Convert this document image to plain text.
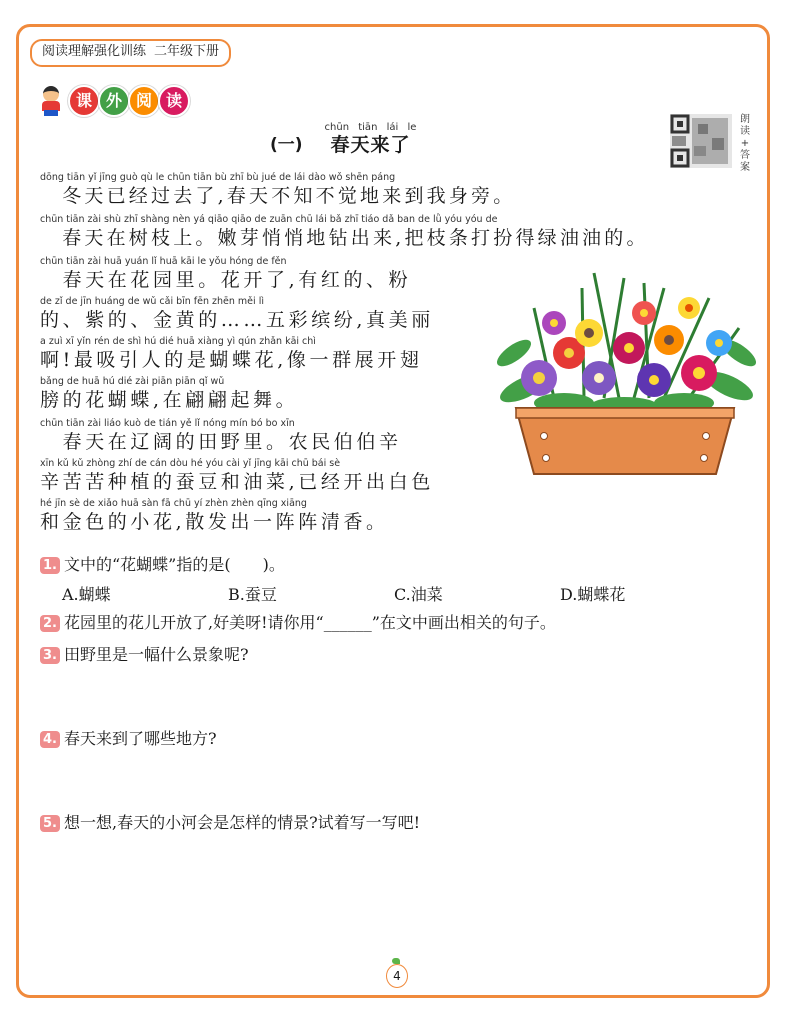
阅读理解强化训练 二年级下册
课 外 阅 读
朗
读
+
答
案
(一)
chūn tiān lái le
春天来了
dōng tiān yǐ jīng guò qù le chūn tiān bù zhī bù jué de lái dào wǒ shēn páng
　冬天已经过去了,春天不知不觉地来到我身旁。
chūn tiān zài shù zhī shàng nèn yá qiāo qiāo de zuān chū lái bǎ zhī tiáo dǎ ban de lǜ yóu yóu de
　春天在树枝上。嫩芽悄悄地钻出来,把枝条打扮得绿油油的。
chūn tiān zài huā yuán lǐ huā kāi le yǒu hóng de fěn
　春天在花园里。花开了,有红的、粉
de zǐ de jīn huáng de wǔ cǎi bīn fēn zhēn měi lì
的、紫的、金黄的……五彩缤纷,真美丽
a zuì xī yǐn rén de shì hú dié huā xiàng yì qún zhǎn kāi chì
啊!最吸引人的是蝴蝶花,像一群展开翅
bǎng de huā hú dié zài piān piān qǐ wǔ
膀的花蝴蝶,在翩翩起舞。
chūn tiān zài liáo kuò de tián yě lǐ nóng mín bó bo xīn
　春天在辽阔的田野里。农民伯伯辛
xīn kǔ kǔ zhòng zhí de cán dòu hé yóu cài yǐ jīng kāi chū bái sè
辛苦苦种植的蚕豆和油菜,已经开出白色
hé jīn sè de xiǎo huā sàn fā chū yí zhèn zhèn qīng xiāng
和金色的小花,散发出一阵阵清香。
1. 文中的“花蝴蝶”指的是(　　)。
A.蝴蝶	B.蚕豆	C.油菜	D.蝴蝶花
2. 花园里的花儿开放了,好美呀!请你用“______”在文中画出相关的句子。
3. 田野里是一幅什么景象呢?
4. 春天来到了哪些地方?
5. 想一想,春天的小河会是怎样的情景?试着写一写吧!
4
